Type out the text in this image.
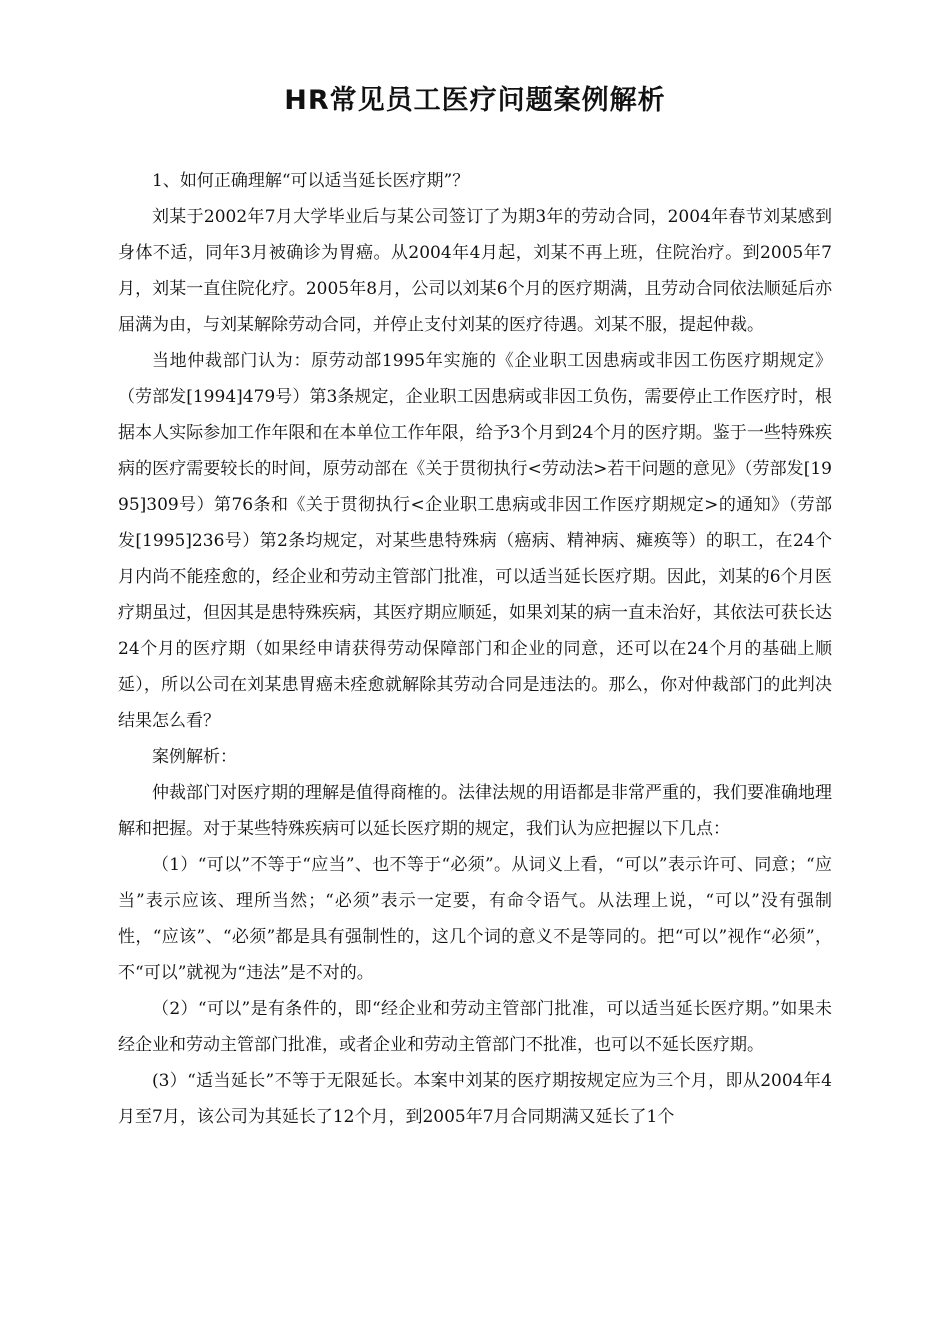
HR常见员工医疗问题案例解析

1、如何正确理解“可以适当延长医疗期”？

刘某于2002年7月大学毕业后与某公司签订了为期3年的劳动合同，2004年春节刘某感到身体不适，同年3月被确诊为胃癌。从2004年4月起，刘某不再上班，住院治疗。到2005年7月，刘某一直住院化疗。2005年8月，公司以刘某6个月的医疗期满，且劳动合同依法顺延后亦届满为由，与刘某解除劳动合同，并停止支付刘某的医疗待遇。刘某不服，提起仲裁。

当地仲裁部门认为：原劳动部1995年实施的《企业职工因患病或非因工伤医疗期规定》（劳部发[1994]479号）第3条规定，企业职工因患病或非因工负伤，需要停止工作医疗时，根据本人实际参加工作年限和在本单位工作年限，给予3个月到24个月的医疗期。鉴于一些特殊疾病的医疗需要较长的时间，原劳动部在《关于贯彻执行<劳动法>若干问题的意见》（劳部发[1995]309号）第76条和《关于贯彻执行<企业职工患病或非因工作医疗期规定>的通知》（劳部发[1995]236号）第2条均规定，对某些患特殊病（癌病、精神病、瘫痪等）的职工，在24个月内尚不能痊愈的，经企业和劳动主管部门批准，可以适当延长医疗期。因此，刘某的6个月医疗期虽过，但因其是患特殊疾病，其医疗期应顺延，如果刘某的病一直未治好，其依法可获长达24个月的医疗期（如果经申请获得劳动保障部门和企业的同意，还可以在24个月的基础上顺延），所以公司在刘某患胃癌未痊愈就解除其劳动合同是违法的。那么，你对仲裁部门的此判决结果怎么看？

案例解析：

仲裁部门对医疗期的理解是值得商榷的。法律法规的用语都是非常严重的，我们要准确地理解和把握。对于某些特殊疾病可以延长医疗期的规定，我们认为应把握以下几点：

（1）“可以”不等于“应当”、也不等于“必须”。从词义上看，“可以”表示许可、同意；“应当”表示应该、理所当然；“必须”表示一定要，有命令语气。从法理上说，“可以”没有强制性，“应该”、“必须”都是具有强制性的，这几个词的意义不是等同的。把“可以”视作“必须”，不“可以”就视为“违法”是不对的。

（2）“可以”是有条件的，即“经企业和劳动主管部门批准，可以适当延长医疗期。”如果未经企业和劳动主管部门批准，或者企业和劳动主管部门不批准，也可以不延长医疗期。

(3）“适当延长”不等于无限延长。本案中刘某的医疗期按规定应为三个月，即从2004年4月至7月，该公司为其延长了12个月，到2005年7月合同期满又延长了1个
